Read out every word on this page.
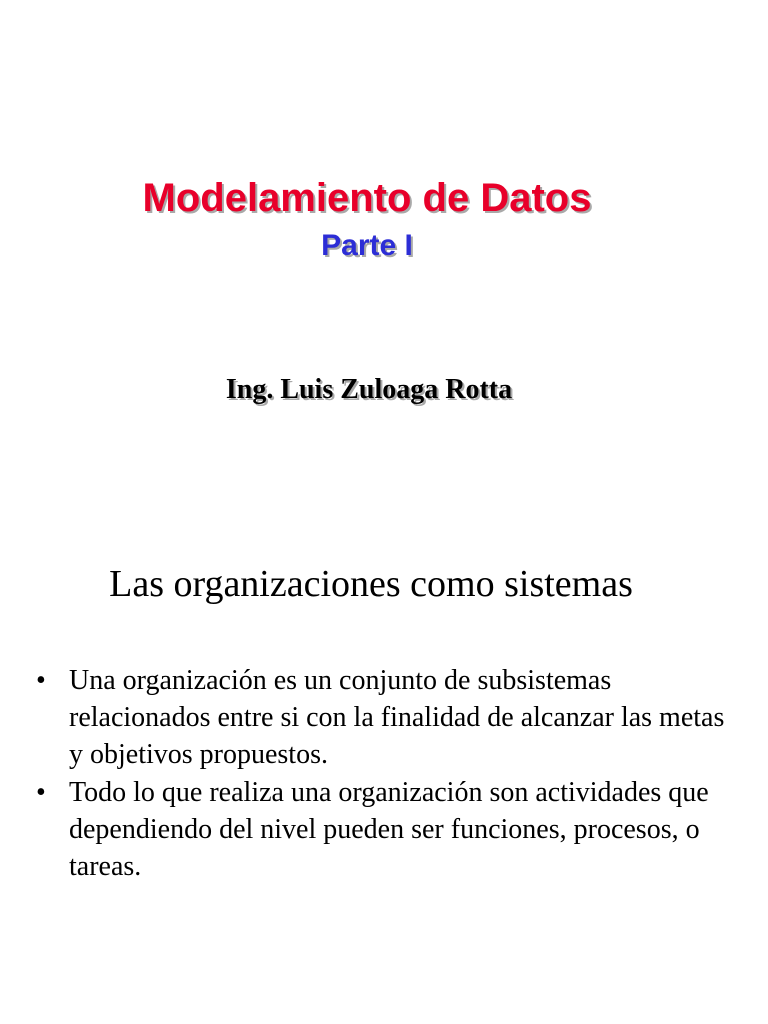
Modelamiento de Datos
Parte I
Ing. Luis Zuloaga Rotta
Las organizaciones como sistemas
• Una organización es un conjunto de subsistemas relacionados entre si con la finalidad de alcanzar las metas y objetivos propuestos.
• Todo lo que realiza una organización son actividades que dependiendo del nivel pueden ser funciones, procesos, o tareas.
